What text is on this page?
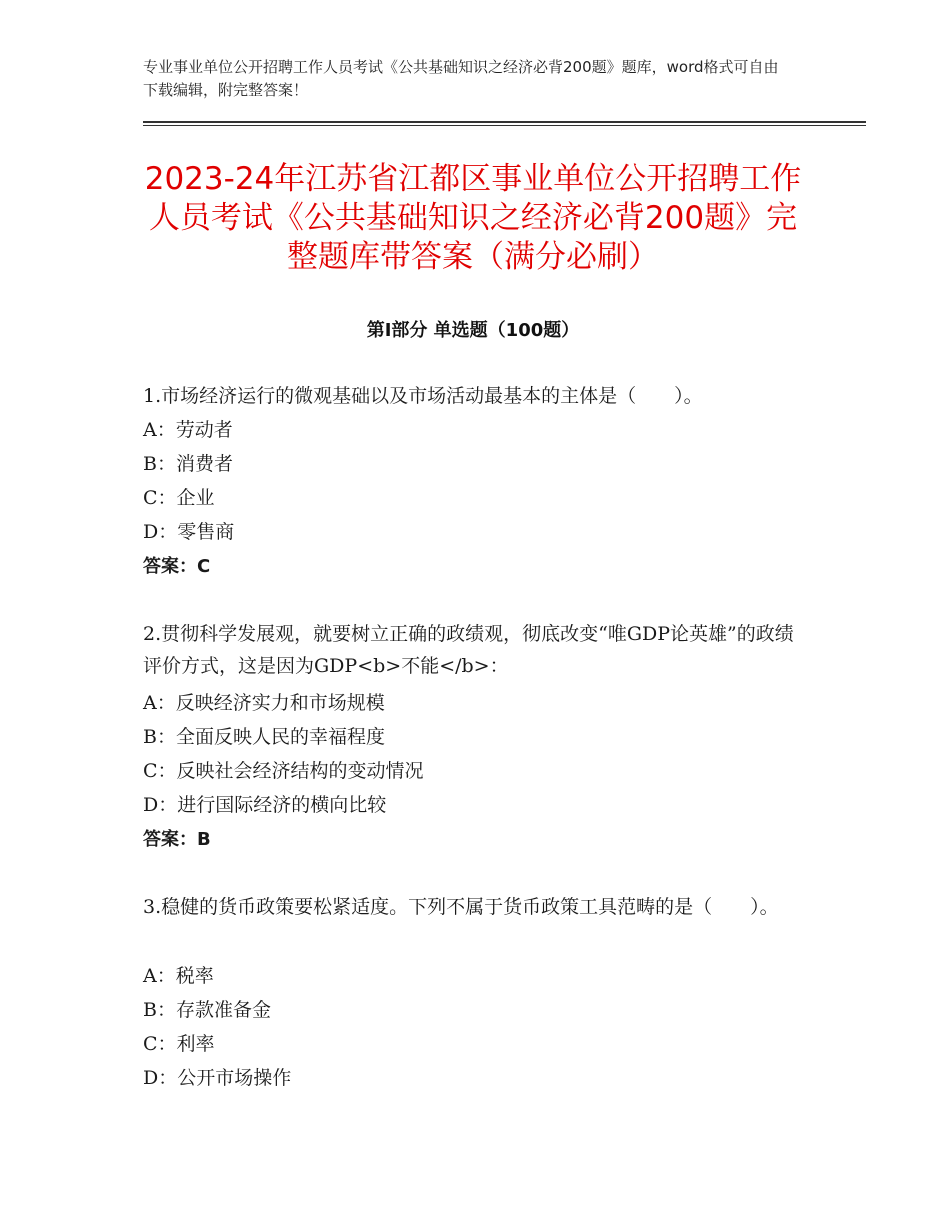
专业事业单位公开招聘工作人员考试《公共基础知识之经济必背200题》题库，word格式可自由下载编辑，附完整答案！
2023-24年江苏省江都区事业单位公开招聘工作人员考试《公共基础知识之经济必背200题》完整题库带答案（满分必刷）
第Ⅰ部分 单选题（100题）
1.市场经济运行的微观基础以及市场活动最基本的主体是（　　）。
A：劳动者
B：消费者
C：企业
D：零售商
答案：C
2.贯彻科学发展观，就要树立正确的政绩观，彻底改变“唯GDP论英雄”的政绩评价方式，这是因为GDP<b>不能</b>：
A：反映经济实力和市场规模
B：全面反映人民的幸福程度
C：反映社会经济结构的变动情况
D：进行国际经济的横向比较
答案：B
3.稳健的货币政策要松紧适度。下列不属于货币政策工具范畴的是（　　）。
A：税率
B：存款准备金
C：利率
D：公开市场操作
